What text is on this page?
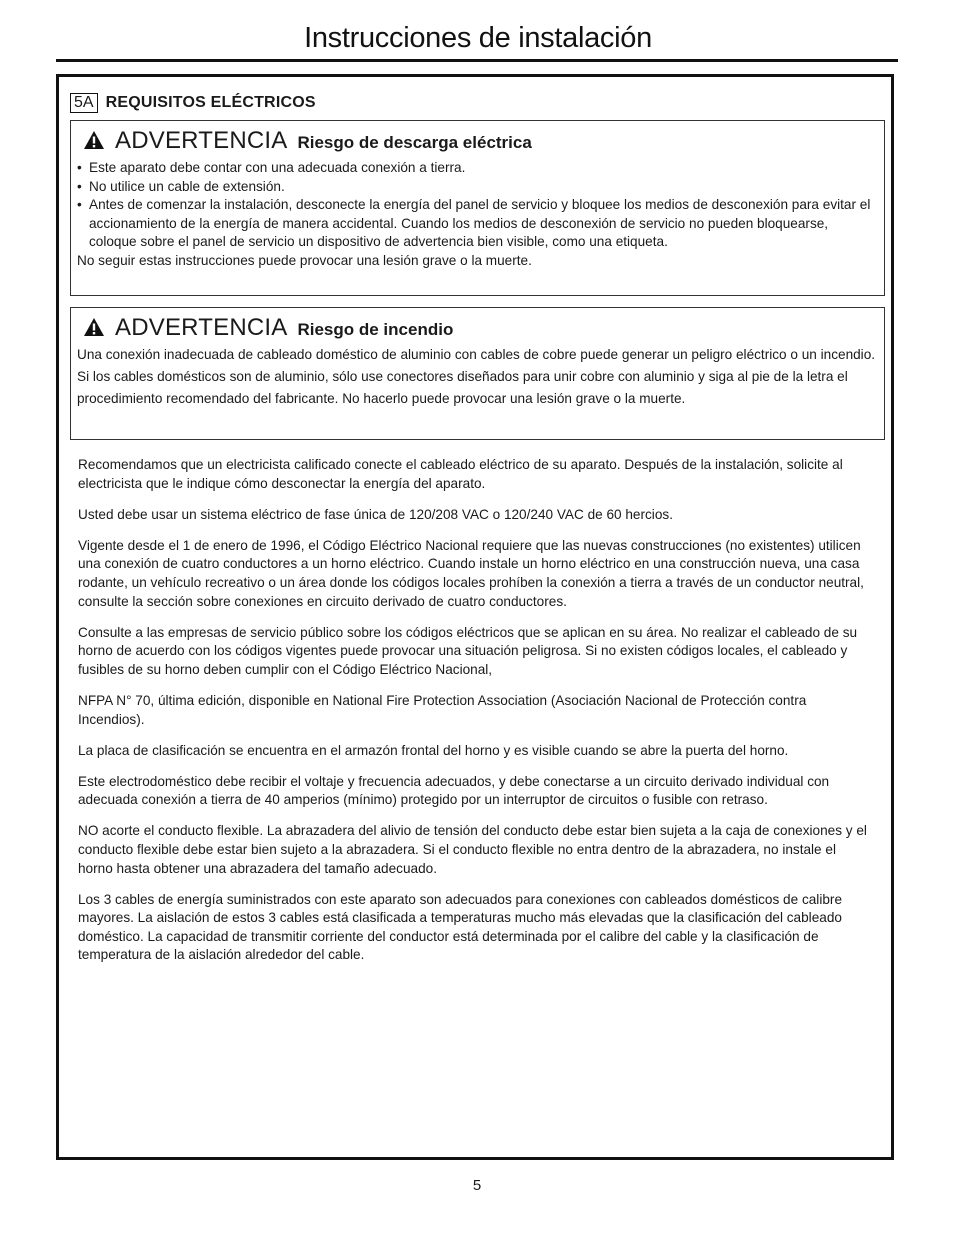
Instrucciones de instalación
5A REQUISITOS ELÉCTRICOS
ADVERTENCIA Riesgo de descarga eléctrica
• Este aparato debe contar con una adecuada conexión a tierra.
• No utilice un cable de extensión.
• Antes de comenzar la instalación, desconecte la energía del panel de servicio y bloquee los medios de desconexión para evitar el accionamiento de la energía de manera accidental. Cuando los medios de desconexión de servicio no pueden bloquearse, coloque sobre el panel de servicio un dispositivo de advertencia bien visible, como una etiqueta.
No seguir estas instrucciones puede provocar una lesión grave o la muerte.
ADVERTENCIA Riesgo de incendio
Una conexión inadecuada de cableado doméstico de aluminio con cables de cobre puede generar un peligro eléctrico o un incendio. Si los cables domésticos son de aluminio, sólo use conectores diseñados para unir cobre con aluminio y siga al pie de la letra el procedimiento recomendado del fabricante. No hacerlo puede provocar una lesión grave o la muerte.

Recomendamos que un electricista calificado conecte el cableado eléctrico de su aparato. Después de la instalación, solicite al electricista que le indique cómo desconectar la energía del aparato.

Usted debe usar un sistema eléctrico de fase única de 120/208 VAC o 120/240 VAC de 60 hercios.

Vigente desde el 1 de enero de 1996, el Código Eléctrico Nacional requiere que las nuevas construcciones (no existentes) utilicen una conexión de cuatro conductores a un horno eléctrico. Cuando instale un horno eléctrico en una construcción nueva, una casa rodante, un vehículo recreativo o un área donde los códigos locales prohíben la conexión a tierra a través de un conductor neutral, consulte la sección sobre conexiones en circuito derivado de cuatro conductores.

Consulte a las empresas de servicio público sobre los códigos eléctricos que se aplican en su área. No realizar el cableado de su horno de acuerdo con los códigos vigentes puede provocar una situación peligrosa. Si no existen códigos locales, el cableado y fusibles de su horno deben cumplir con el Código Eléctrico Nacional,

NFPA N° 70, última edición, disponible en National Fire Protection Association (Asociación Nacional de Protección contra Incendios).

La placa de clasificación se encuentra en el armazón frontal del horno y es visible cuando se abre la puerta del horno.

Este electrodoméstico debe recibir el voltaje y frecuencia adecuados, y debe conectarse a un circuito derivado individual con adecuada conexión a tierra de 40 amperios (mínimo) protegido por un interruptor de circuitos o fusible con retraso.

NO acorte el conducto flexible. La abrazadera del alivio de tensión del conducto debe estar bien sujeta a la caja de conexiones y el conducto flexible debe estar bien sujeto a la abrazadera. Si el conducto flexible no entra dentro de la abrazadera, no instale el horno hasta obtener una abrazadera del tamaño adecuado.

Los 3 cables de energía suministrados con este aparato son adecuados para conexiones con cableados domésticos de calibre mayores. La aislación de estos 3 cables está clasificada a temperaturas mucho más elevadas que la clasificación del cableado doméstico. La capacidad de transmitir corriente del conductor está determinada por el calibre del cable y la clasificación de temperatura de la aislación alrededor del cable.

5
